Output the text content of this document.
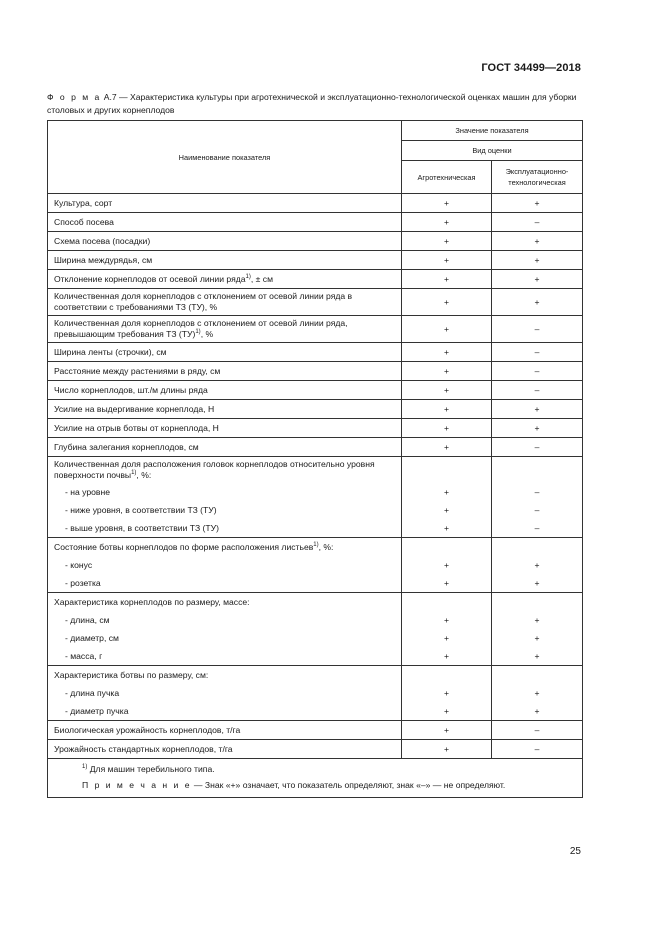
ГОСТ 34499—2018
Ф о р м а А.7 — Характеристика культуры при агротехнической и эксплуатационно-технологической оценках машин для уборки столовых и других корнеплодов
Наименование показателя	Значение показателя	
	Вид оценки	
	Агротехническая	Эксплуатационно-технологическая
Культура, сорт	+	+
Способ посева	+	–
Схема посева (посадки)	+	+
Ширина междурядья, см	+	+
Отклонение корнеплодов от осевой линии ряда$^{1)}$, ± см	+	+
Количественная доля корнеплодов с отклонением от осевой линии ряда в соответствии с требованиями ТЗ (ТУ), %	+	+
Количественная доля корнеплодов с отклонением от осевой линии ряда, превышающим требования ТЗ (ТУ)$^{1)}$, %	+	–
Ширина ленты (строчки), см	+	–
Расстояние между растениями в ряду, см	+	–
Число корнеплодов, шт./м длины ряда	+	–
Усилие на выдергивание корнеплода, Н	+	+
Усилие на отрыв ботвы от корнеплода, Н	+	+
Глубина залегания корнеплодов, см	+	–
Количественная доля расположения головок корнеплодов относительно уровня поверхности почвы$^{1)}$, %:		
- на уровне	+	–
- ниже уровня, в соответствии ТЗ (ТУ)	+	–
- выше уровня, в соответствии ТЗ (ТУ)	+	–
Состояние ботвы корнеплодов по форме расположения листьев$^{1)}$, %:		
- конус	+	+
- розетка	+	+
Характеристика корнеплодов по размеру, массе:		
- длина, см	+	+
- диаметр, см	+	+
- масса, г	+	+
Характеристика ботвы по размеру, см:		
- длина пучка	+	+
- диаметр пучка	+	+
Биологическая урожайность корнеплодов, т/га	+	–
Урожайность стандартных корнеплодов, т/га	+	–

$^{1)}$ Для машин теребильного типа.
П р и м е ч а н и е — Знак «+» означает, что показатель определяют, знак «–» — не определяют.		
25
